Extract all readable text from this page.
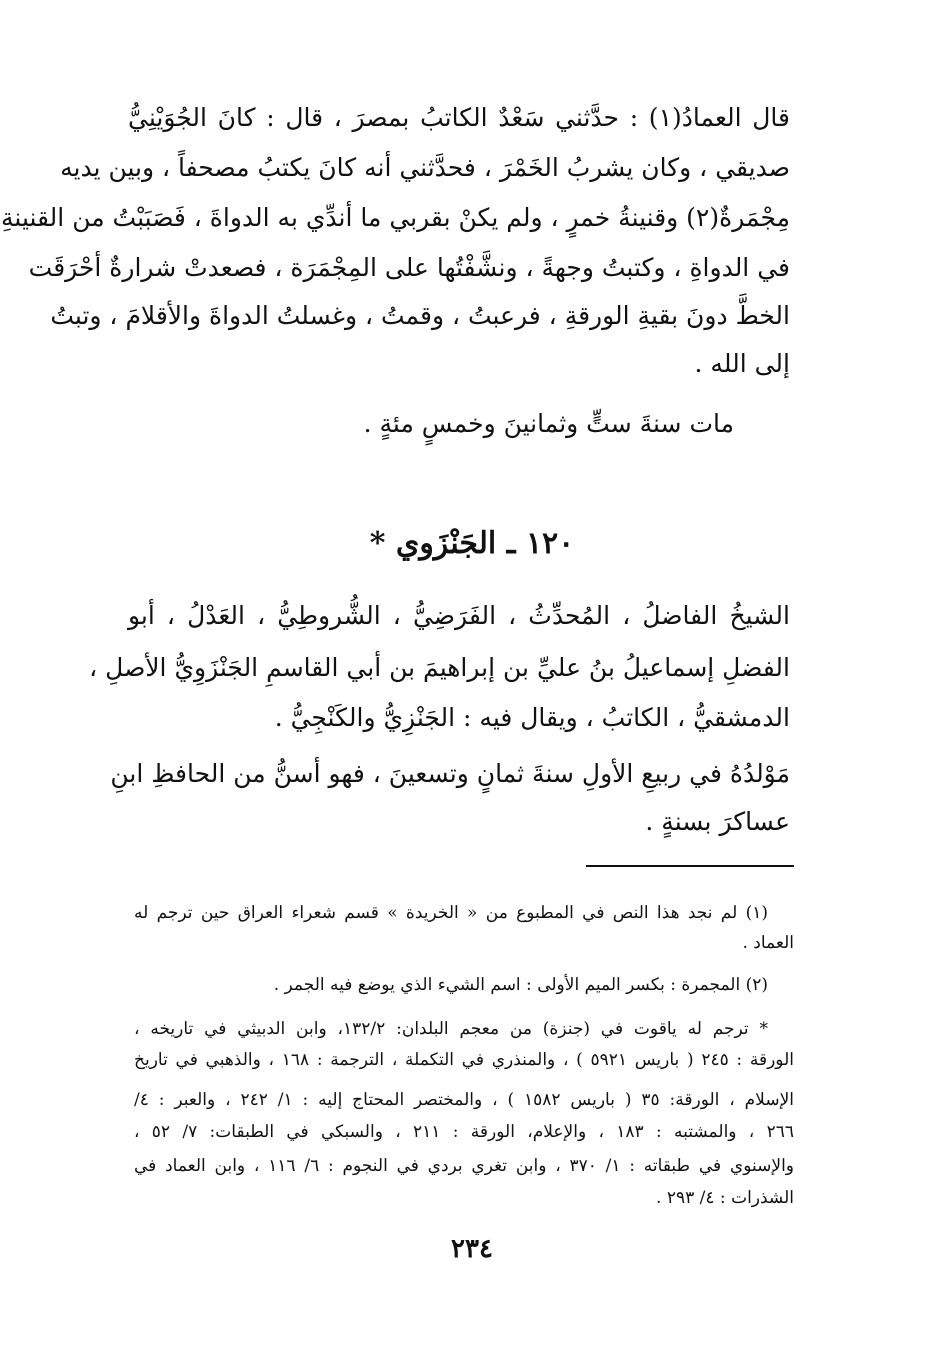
قال العمادُ(١) : حدَّثني سَعْدٌ الكاتبُ بمصرَ ، قال : كانَ الجُوَيْنِيُّ
صديقي ، وكان يشربُ الخَمْرَ ، فحدَّثني أنه كانَ يكتبُ مصحفاً ، وبين يديه
مِجْمَرةٌ(٢) وقنينةُ خمرٍ ، ولم يكنْ بقربي ما أندِّي به الدواةَ ، فَصَبَبْتُ من القنينةِ
في الدواةِ ، وكتبتُ وجهةً ، ونشَّفْتُها على المِجْمَرَة ، فصعدتْ شرارةٌ أحْرَقَت
الخطَّ دونَ بقيةِ الورقةِ ، فرعبتُ ، وقمتُ ، وغسلتُ الدواةَ والأقلامَ ، وتبتُ
إلى الله .
مات سنةَ ستٍّ وثمانينَ وخمسٍ مئةٍ .
١٢٠ ـ الجَنْزَوي *
الشيخُ الفاضلُ ، المُحدِّثُ ، الفَرَضِيُّ ، الشُّروطِيُّ ، العَدْلُ ، أبو
الفضلِ إسماعيلُ بنُ عليِّ بن إبراهيمَ بن أبي القاسمِ الجَنْزَوِيُّ الأصلِ ،
الدمشقيُّ ، الكاتبُ ، ويقال فيه : الجَنْزِيُّ والكَنْجِيُّ .
مَوْلدُهُ في ربيعِ الأولِ سنةَ ثمانٍ وتسعينَ ، فهو أسنُّ من الحافظِ ابنِ
عساكرَ بسنةٍ .
(١) لم نجد هذا النص في المطبوع من « الخريدة » قسم شعراء العراق حين ترجم له
العماد .
(٢) المجمرة : بكسر الميم الأولى : اسم الشيء الذي يوضع فيه الجمر .
* ترجم له ياقوت في (جنزة) من معجم البلدان: ١٣٢/٢، وابن الدبيثي في تاريخه ،
الورقة : ٢٤٥ ( باريس ٥٩٢١ ) ، والمنذري في التكملة ، الترجمة : ١٦٨ ، والذهبي في تاريخ
الإسلام ، الورقة: ٣٥ ( باريس ١٥٨٢ ) ، والمختصر المحتاج إليه : ١/ ٢٤٢ ، والعبر : ٤/
٢٦٦ ، والمشتبه : ١٨٣ ، والإعلام، الورقة : ٢١١ ، والسبكي في الطبقات: ٧/ ٥٢ ،
والإسنوي في طبقاته : ١/ ٣٧٠ ، وابن تغري بردي في النجوم : ٦/ ١١٦ ، وابن العماد في
الشذرات : ٤/ ٢٩٣ .
٢٣٤
